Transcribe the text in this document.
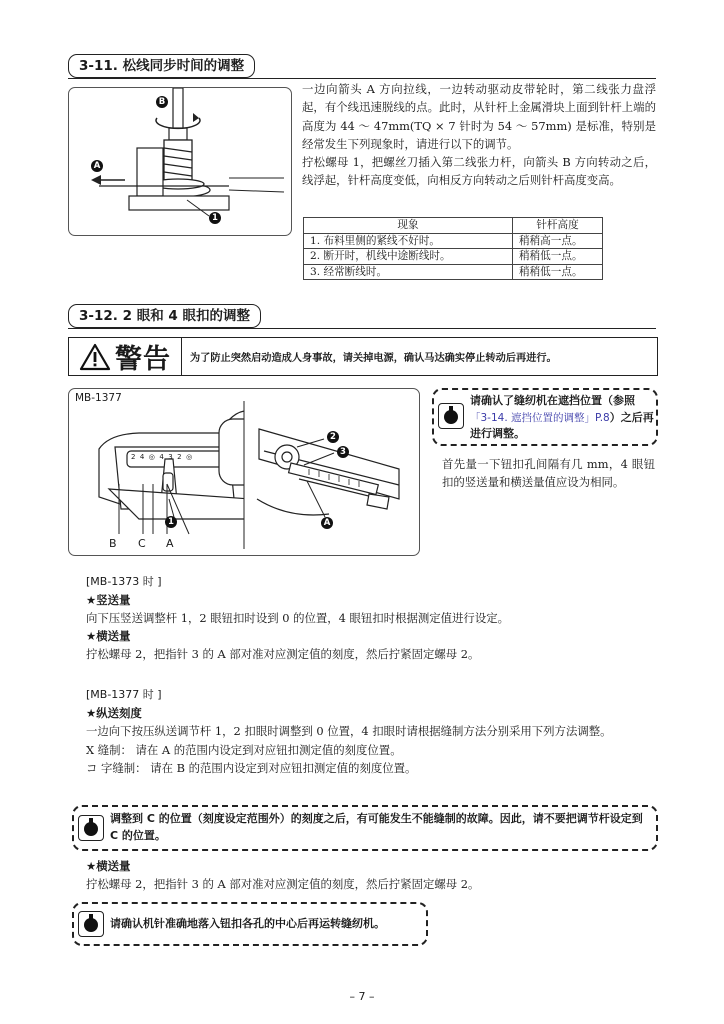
3-11. 松线同步时间的调整
B
A
1

一边向箭头 A 方向拉线，一边转动驱动皮带轮时，第二线张力盘浮起，有个线迅速脱线的点。此时，从针杆上金属滑块上面到针杆上端的高度为 44 ～ 47mm(TQ × 7 针时为 54 ～ 57mm) 是标准，特别是经常发生下列现象时，请进行以下的调节。

拧松螺母 1，把螺丝刀插入第二线张力杆，向箭头 B 方向转动之后，线浮起，针杆高度变低，向相反方向转动之后则针杆高度变高。

现象	针杆高度
1. 布料里侧的紧线不好时。	稍稍高一点。
2. 断开时，机线中途断线时。	稍稍低一点。
3. 经常断线时。	稍稍低一点。
3-12. 2 眼和 4 眼扣的调整
警告	为了防止突然启动造成人身事故，请关掉电源，确认马达确实停止转动后再进行。
MB-1377
2  4  ◎  4  3  2  ◎
1
B C A
2
3
A
请确认了缝纫机在遮挡位置（参照「3-14. 遮挡位置的调整」P.8）之后再进行调整。

首先量一下钮扣孔间隔有几 mm，4 眼钮扣的竖送量和横送量值应设为相同。

[MB-1373 时 ]
★竖送量
向下压竖送调整杆 1，2 眼钮扣时设到 0 的位置，4 眼钮扣时根据测定值进行设定。
★横送量
拧松螺母 2，把指针 3 的 A 部对准对应测定值的刻度，然后拧紧固定螺母 2。
[MB-1377 时 ]
★纵送刻度

一边向下按压纵送调节杆 1，2 扣眼时调整到 0 位置，4 扣眼时请根据缝制方法分别采用下列方法调整。

X 缝制： 请在 A 的范围内设定到对应钮扣测定值的刻度位置。
コ 字缝制： 请在 B 的范围内设定到对应钮扣测定值的刻度位置。
调整到 C 的位置（刻度设定范围外）的刻度之后，有可能发生不能缝制的故障。因此，请不要把调节杆设定到 C 的位置。
★横送量
拧松螺母 2，把指针 3 的 A 部对准对应测定值的刻度，然后拧紧固定螺母 2。
请确认机针准确地落入钮扣各孔的中心后再运转缝纫机。
– 7 –
